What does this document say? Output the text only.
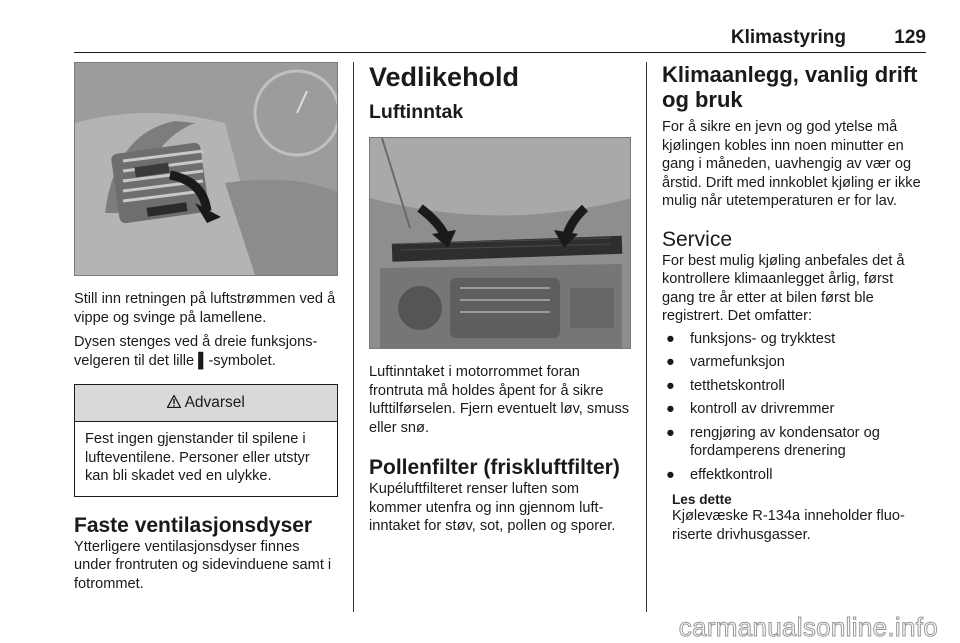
Klimastyring	129

Still inn retningen på luftstrømmen ved å vippe og svinge på lamellene.

Dysen stenges ved å dreie funksjons-velgeren til det lille ▌-symbolet.

Advarsel
Fest ingen gjenstander til spilene i lufteventilene. Personer eller utstyr kan bli skadet ved en ulykke.
Faste ventilasjonsdyser

Ytterligere ventilasjonsdyser finnes under frontruten og sidevinduene samt i fotrommet.

Vedlikehold
Luftinntak

Luftinntaket i motorrommet foran frontruta må holdes åpent for å sikre lufttilførselen. Fjern eventuelt løv, smuss eller snø.

Pollenfilter (friskluftfilter)

Kupéluftfilteret renser luften som kommer utenfra og inn gjennom luft-inntaket for støv, sot, pollen og sporer.

Klimaanlegg, vanlig drift og bruk

For å sikre en jevn og god ytelse må kjølingen kobles inn noen minutter en gang i måneden, uavhengig av vær og årstid. Drift med innkoblet kjøling er ikke mulig når utetemperaturen er for lav.

Service

For best mulig kjøling anbefales det å kontrollere klimaanlegget årlig, først gang tre år etter at bilen først ble registrert. Det omfatter:

● funksjons- og trykktest
● varmefunksjon
● tetthetskontroll
● kontroll av drivremmer
● rengjøring av kondensator og fordamperens drenering
● effektkontroll
Les dette
Kjølevæske R-134a inneholder fluo-riserte drivhusgasser.
carmanualsonline.info
